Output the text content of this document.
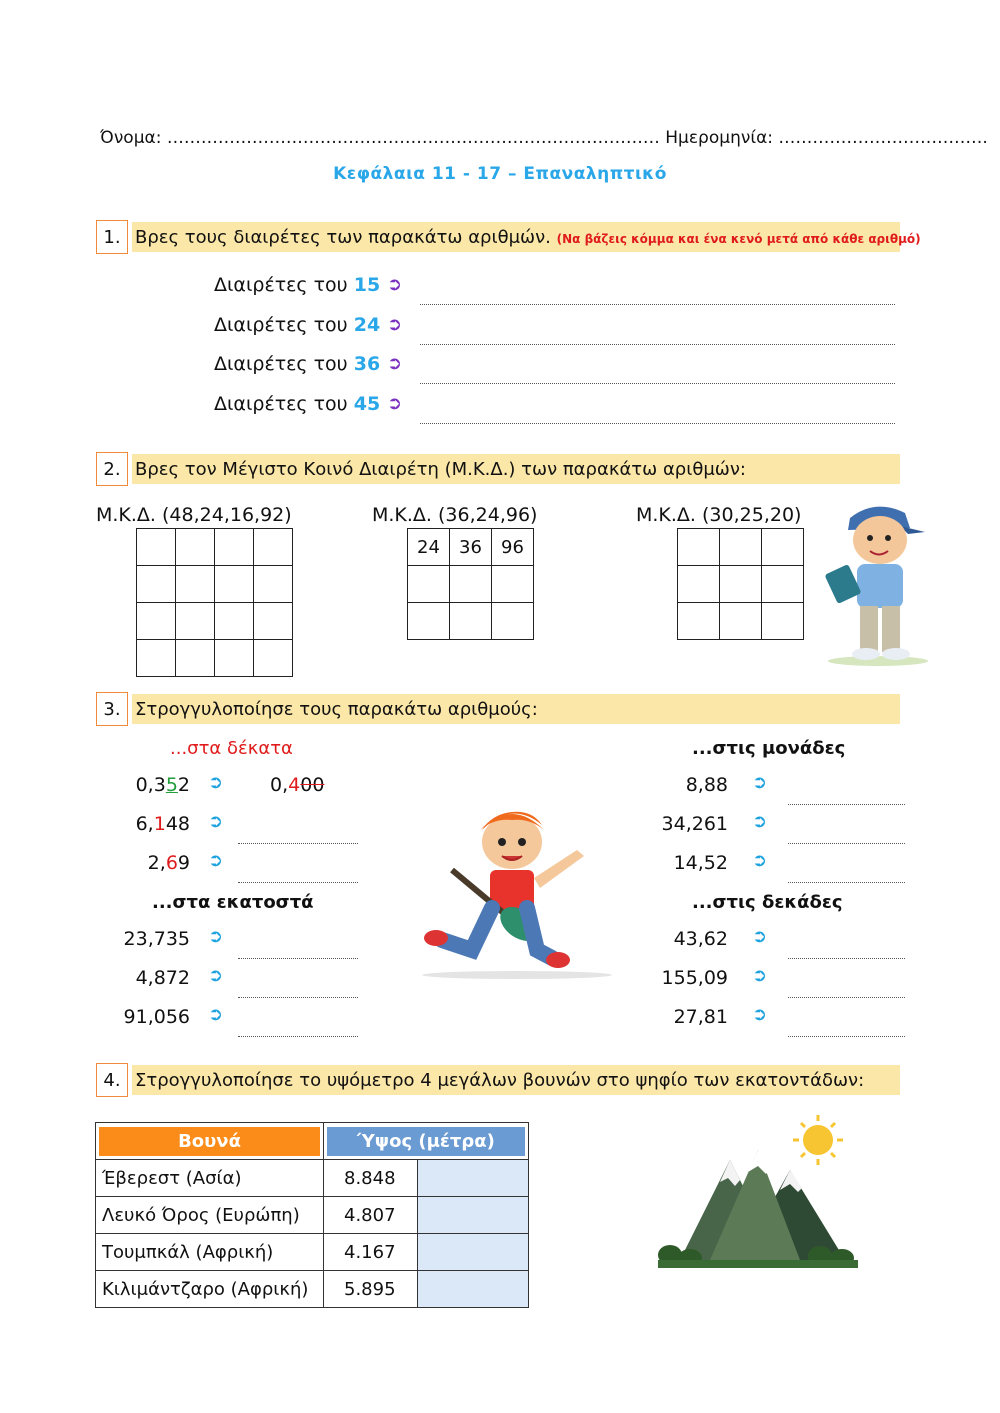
Όνομα: …………………………………………………………………………… Ημερομηνία: ……………………………….
Κεφάλαια 11 - 17 – Επαναληπτικό
1. Βρες τους διαιρέτες των παρακάτω αριθμών. (Να βάζεις κόμμα και ένα κενό μετά από κάθε αριθμό)
Διαιρέτες του 15 ➲
Διαιρέτες του 24 ➲
Διαιρέτες του 36 ➲
Διαιρέτες του 45 ➲
2. Βρες τον Μέγιστο Κοινό Διαιρέτη (Μ.Κ.Δ.) των παρακάτω αριθμών:
Μ.Κ.Δ. (48,24,16,92)	Μ.Κ.Δ. (36,24,96)	Μ.Κ.Δ. (30,25,20)

24	36	96

3. Στρογγυλοποίησε τους παρακάτω αριθμούς:
...στα δέκατα	...στις μονάδες
...στα εκατοστά	...στις δεκάδες
0,352 ➲ 0,400
6,148 ➲
2,69 ➲
23,735 ➲
4,872 ➲
91,056 ➲
8,88 ➲
34,261 ➲
14,52 ➲
43,62 ➲
155,09 ➲
27,81 ➲
4. Στρογγυλοποίησε το υψόμετρο 4 μεγάλων βουνών στο ψηφίο των εκατοντάδων:
Βουνά	Ύψος (μέτρα)	

Έβερεστ (Ασία)	8.848	
Λευκό Όρος (Ευρώπη)	4.807	
Τουμπκάλ (Αφρική)	4.167	
Κιλιμάντζαρο (Αφρική)	5.895	
